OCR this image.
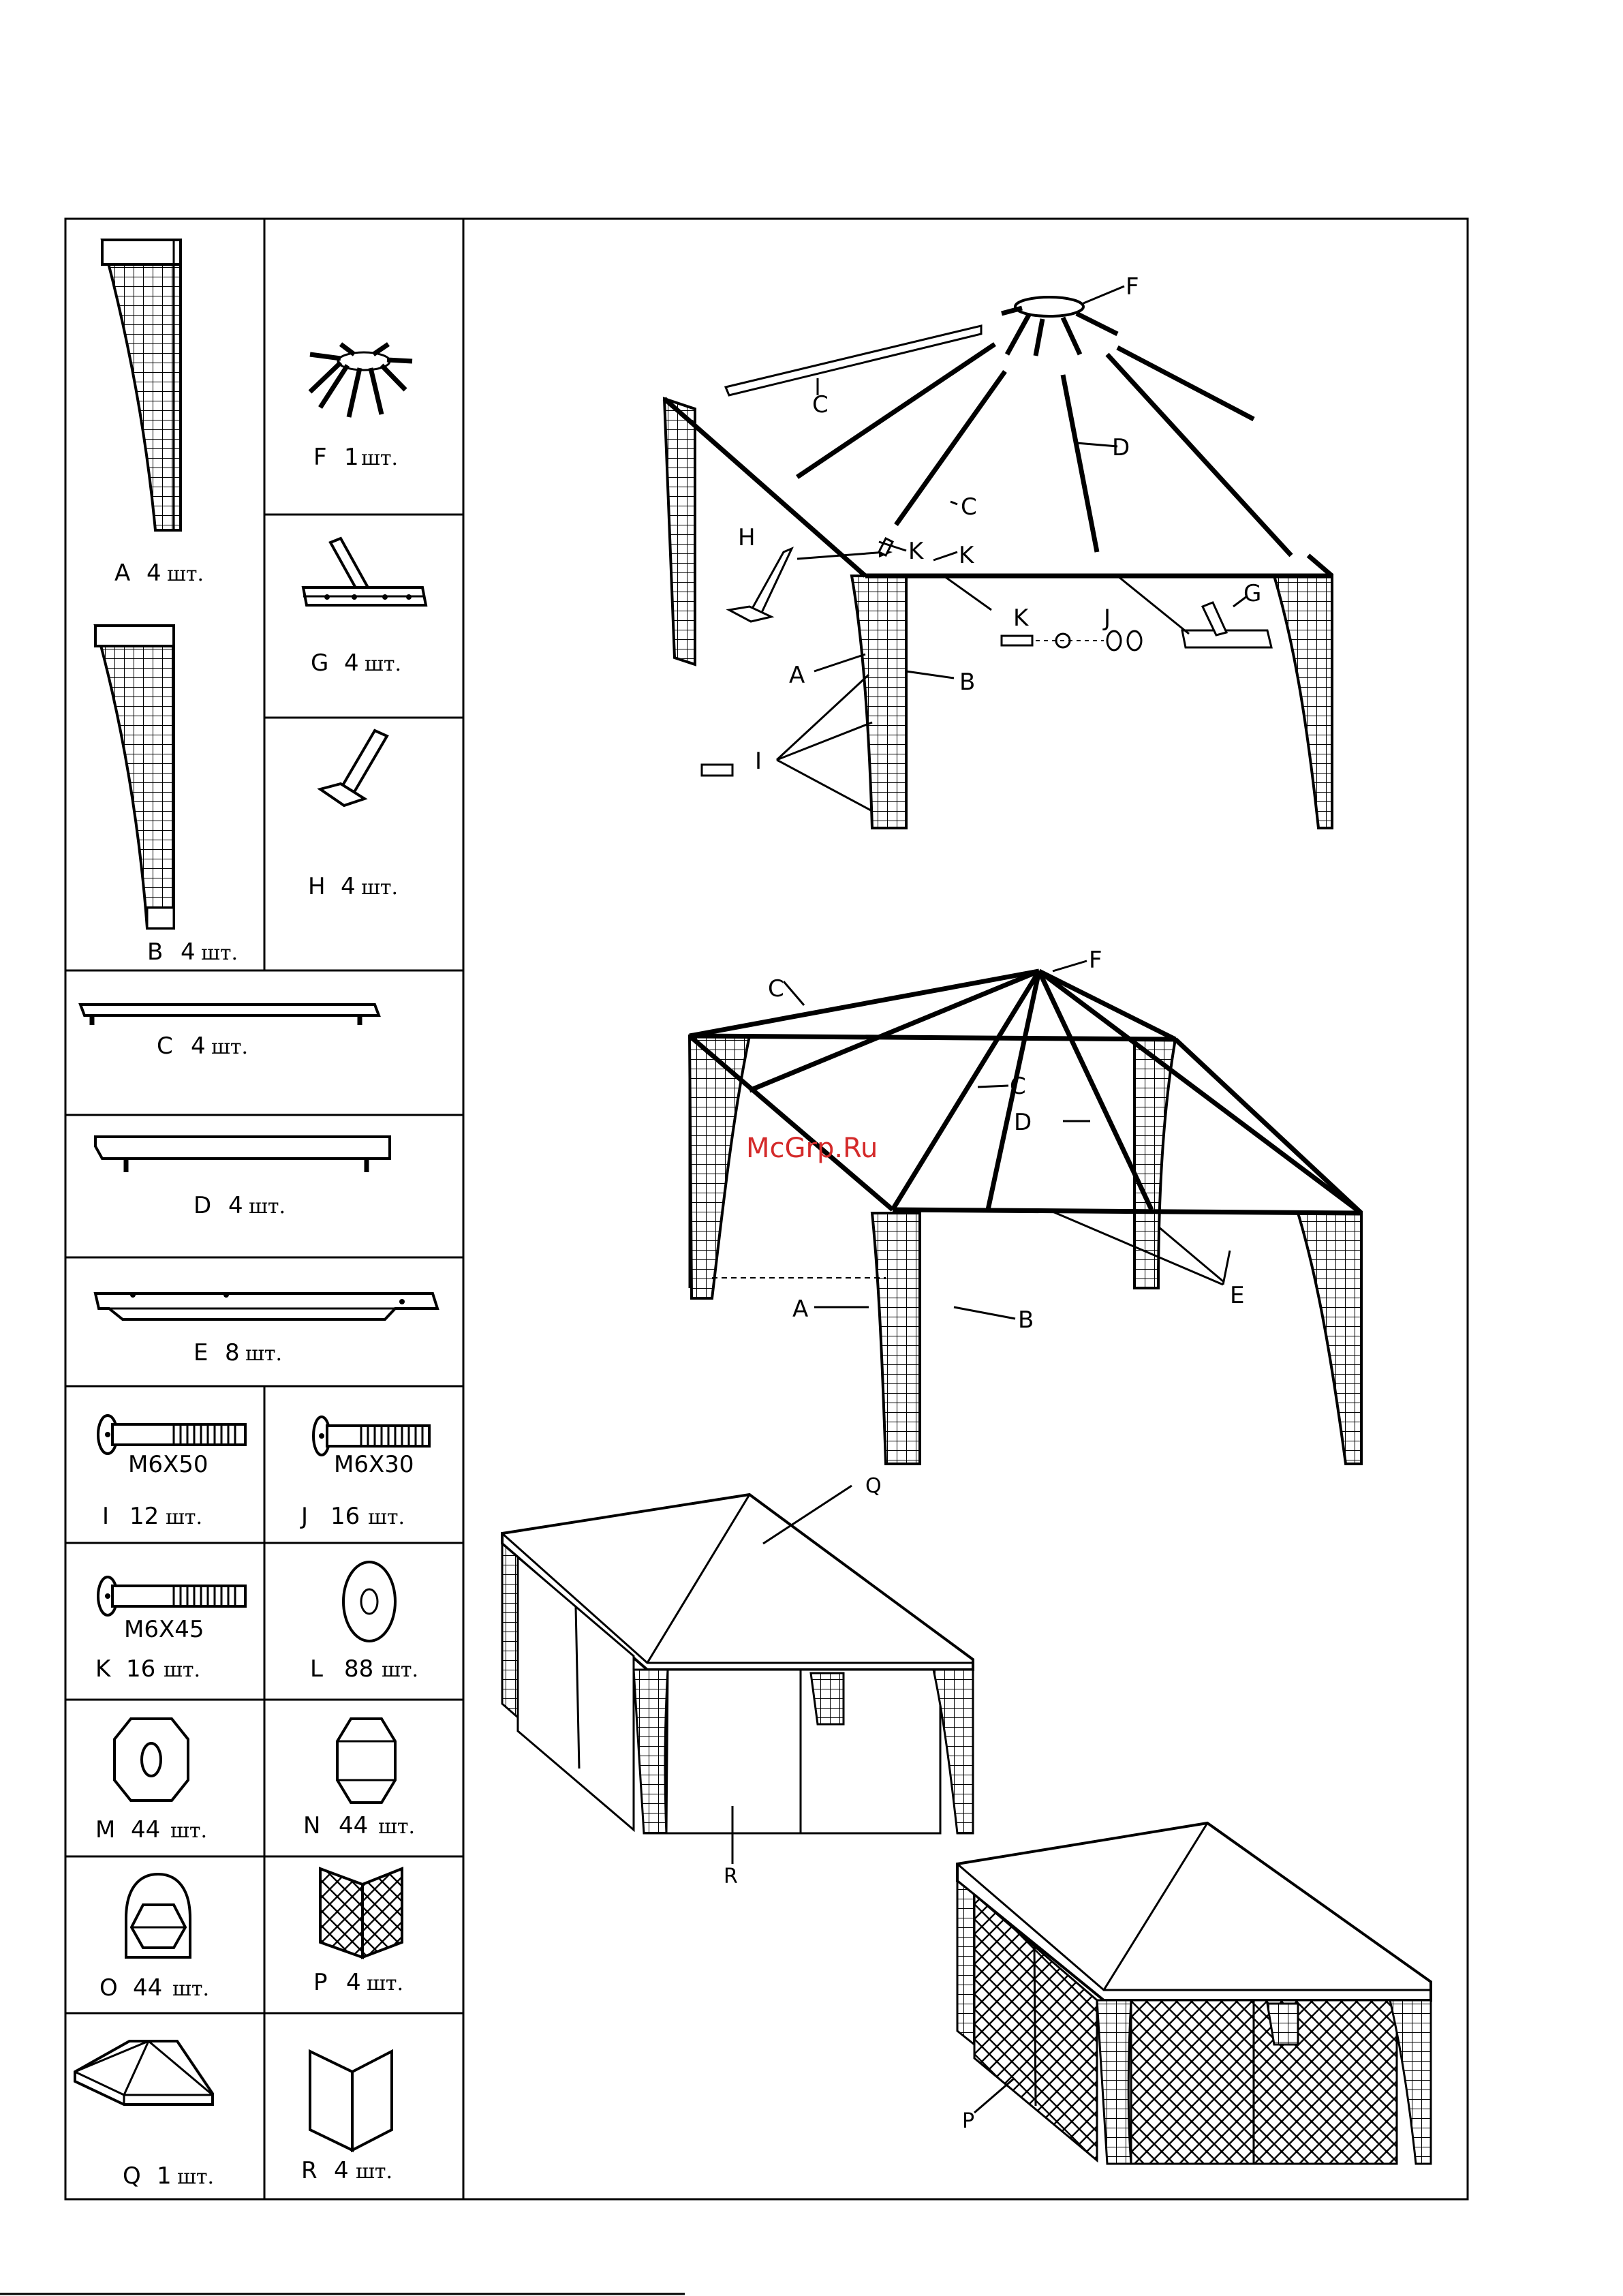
A 4 шт.
B 4 шт.
F 1 шт.
G 4 шт.
H 4 шт.
C 4 шт.
D 4 шт.
E 8 шт.
M6X50
I 12 шт.
M6X30
J 16 шт.
M6X45
K 16 шт.	L 88 шт.
M 44 шт.	N 44 шт.
O 44 шт.	P 4 шт.
Q 1 шт.	R 4 шт.
F
C
D
C
H	K K
K	J
G
A	B
I
C
F
C
D
E
A	B
McGrp.Ru
Q
R
P
